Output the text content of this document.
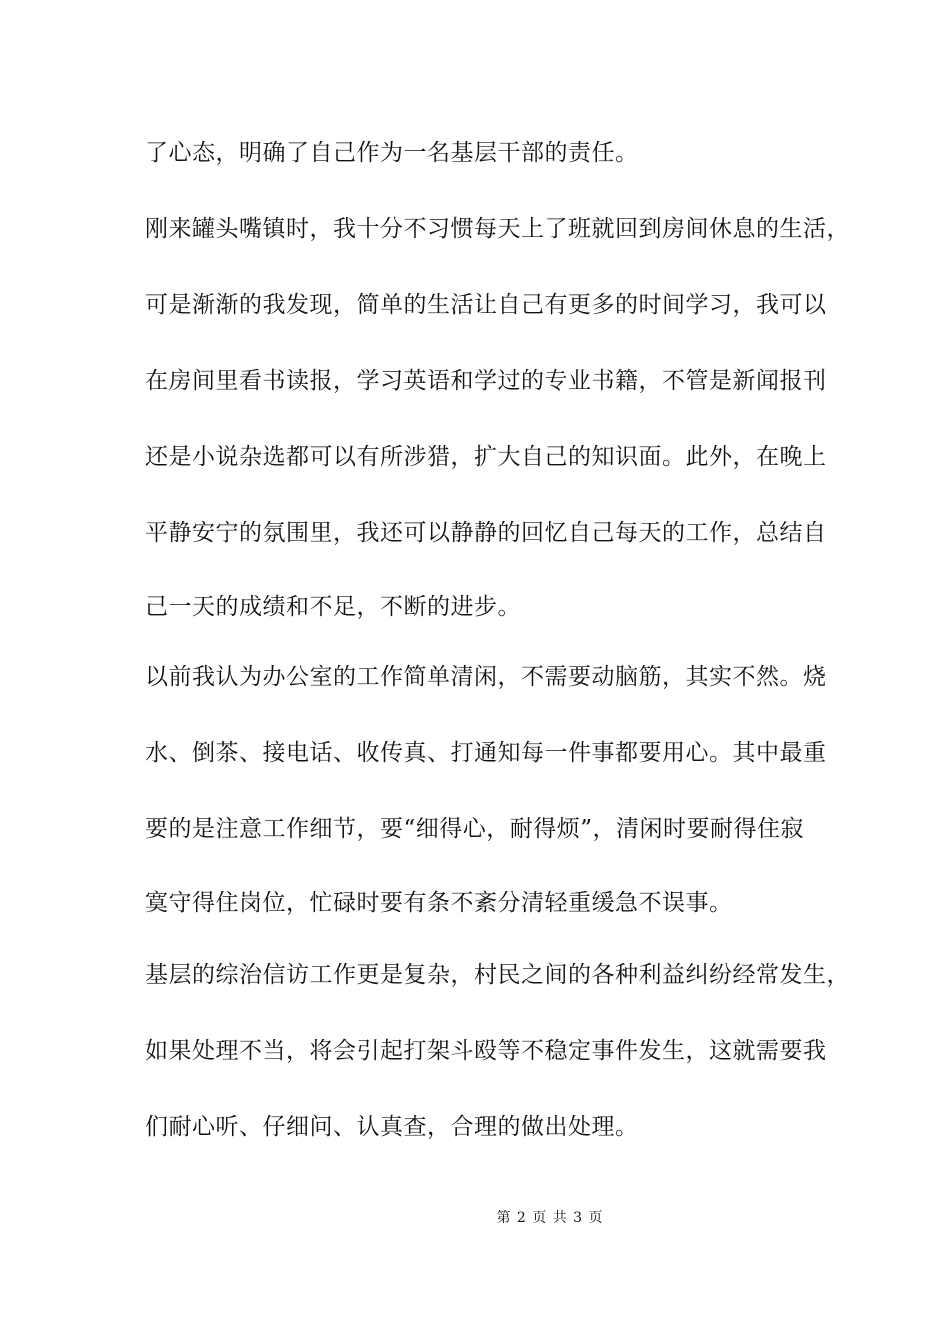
了心态，明确了自己作为一名基层干部的责任。
刚来罐头嘴镇时，我十分不习惯每天上了班就回到房间休息的生活，
可是渐渐的我发现，简单的生活让自己有更多的时间学习，我可以
在房间里看书读报，学习英语和学过的专业书籍，不管是新闻报刊
还是小说杂选都可以有所涉猎，扩大自己的知识面。此外，在晚上
平静安宁的氛围里，我还可以静静的回忆自己每天的工作，总结自
己一天的成绩和不足，不断的进步。
以前我认为办公室的工作简单清闲，不需要动脑筋，其实不然。烧
水、倒茶、接电话、收传真、打通知每一件事都要用心。其中最重
要的是注意工作细节，要“细得心，耐得烦”，清闲时要耐得住寂
寞守得住岗位，忙碌时要有条不紊分清轻重缓急不误事。
基层的综治信访工作更是复杂，村民之间的各种利益纠纷经常发生，
如果处理不当，将会引起打架斗殴等不稳定事件发生，这就需要我
们耐心听、仔细问、认真查，合理的做出处理。
第 2 页 共 3 页
